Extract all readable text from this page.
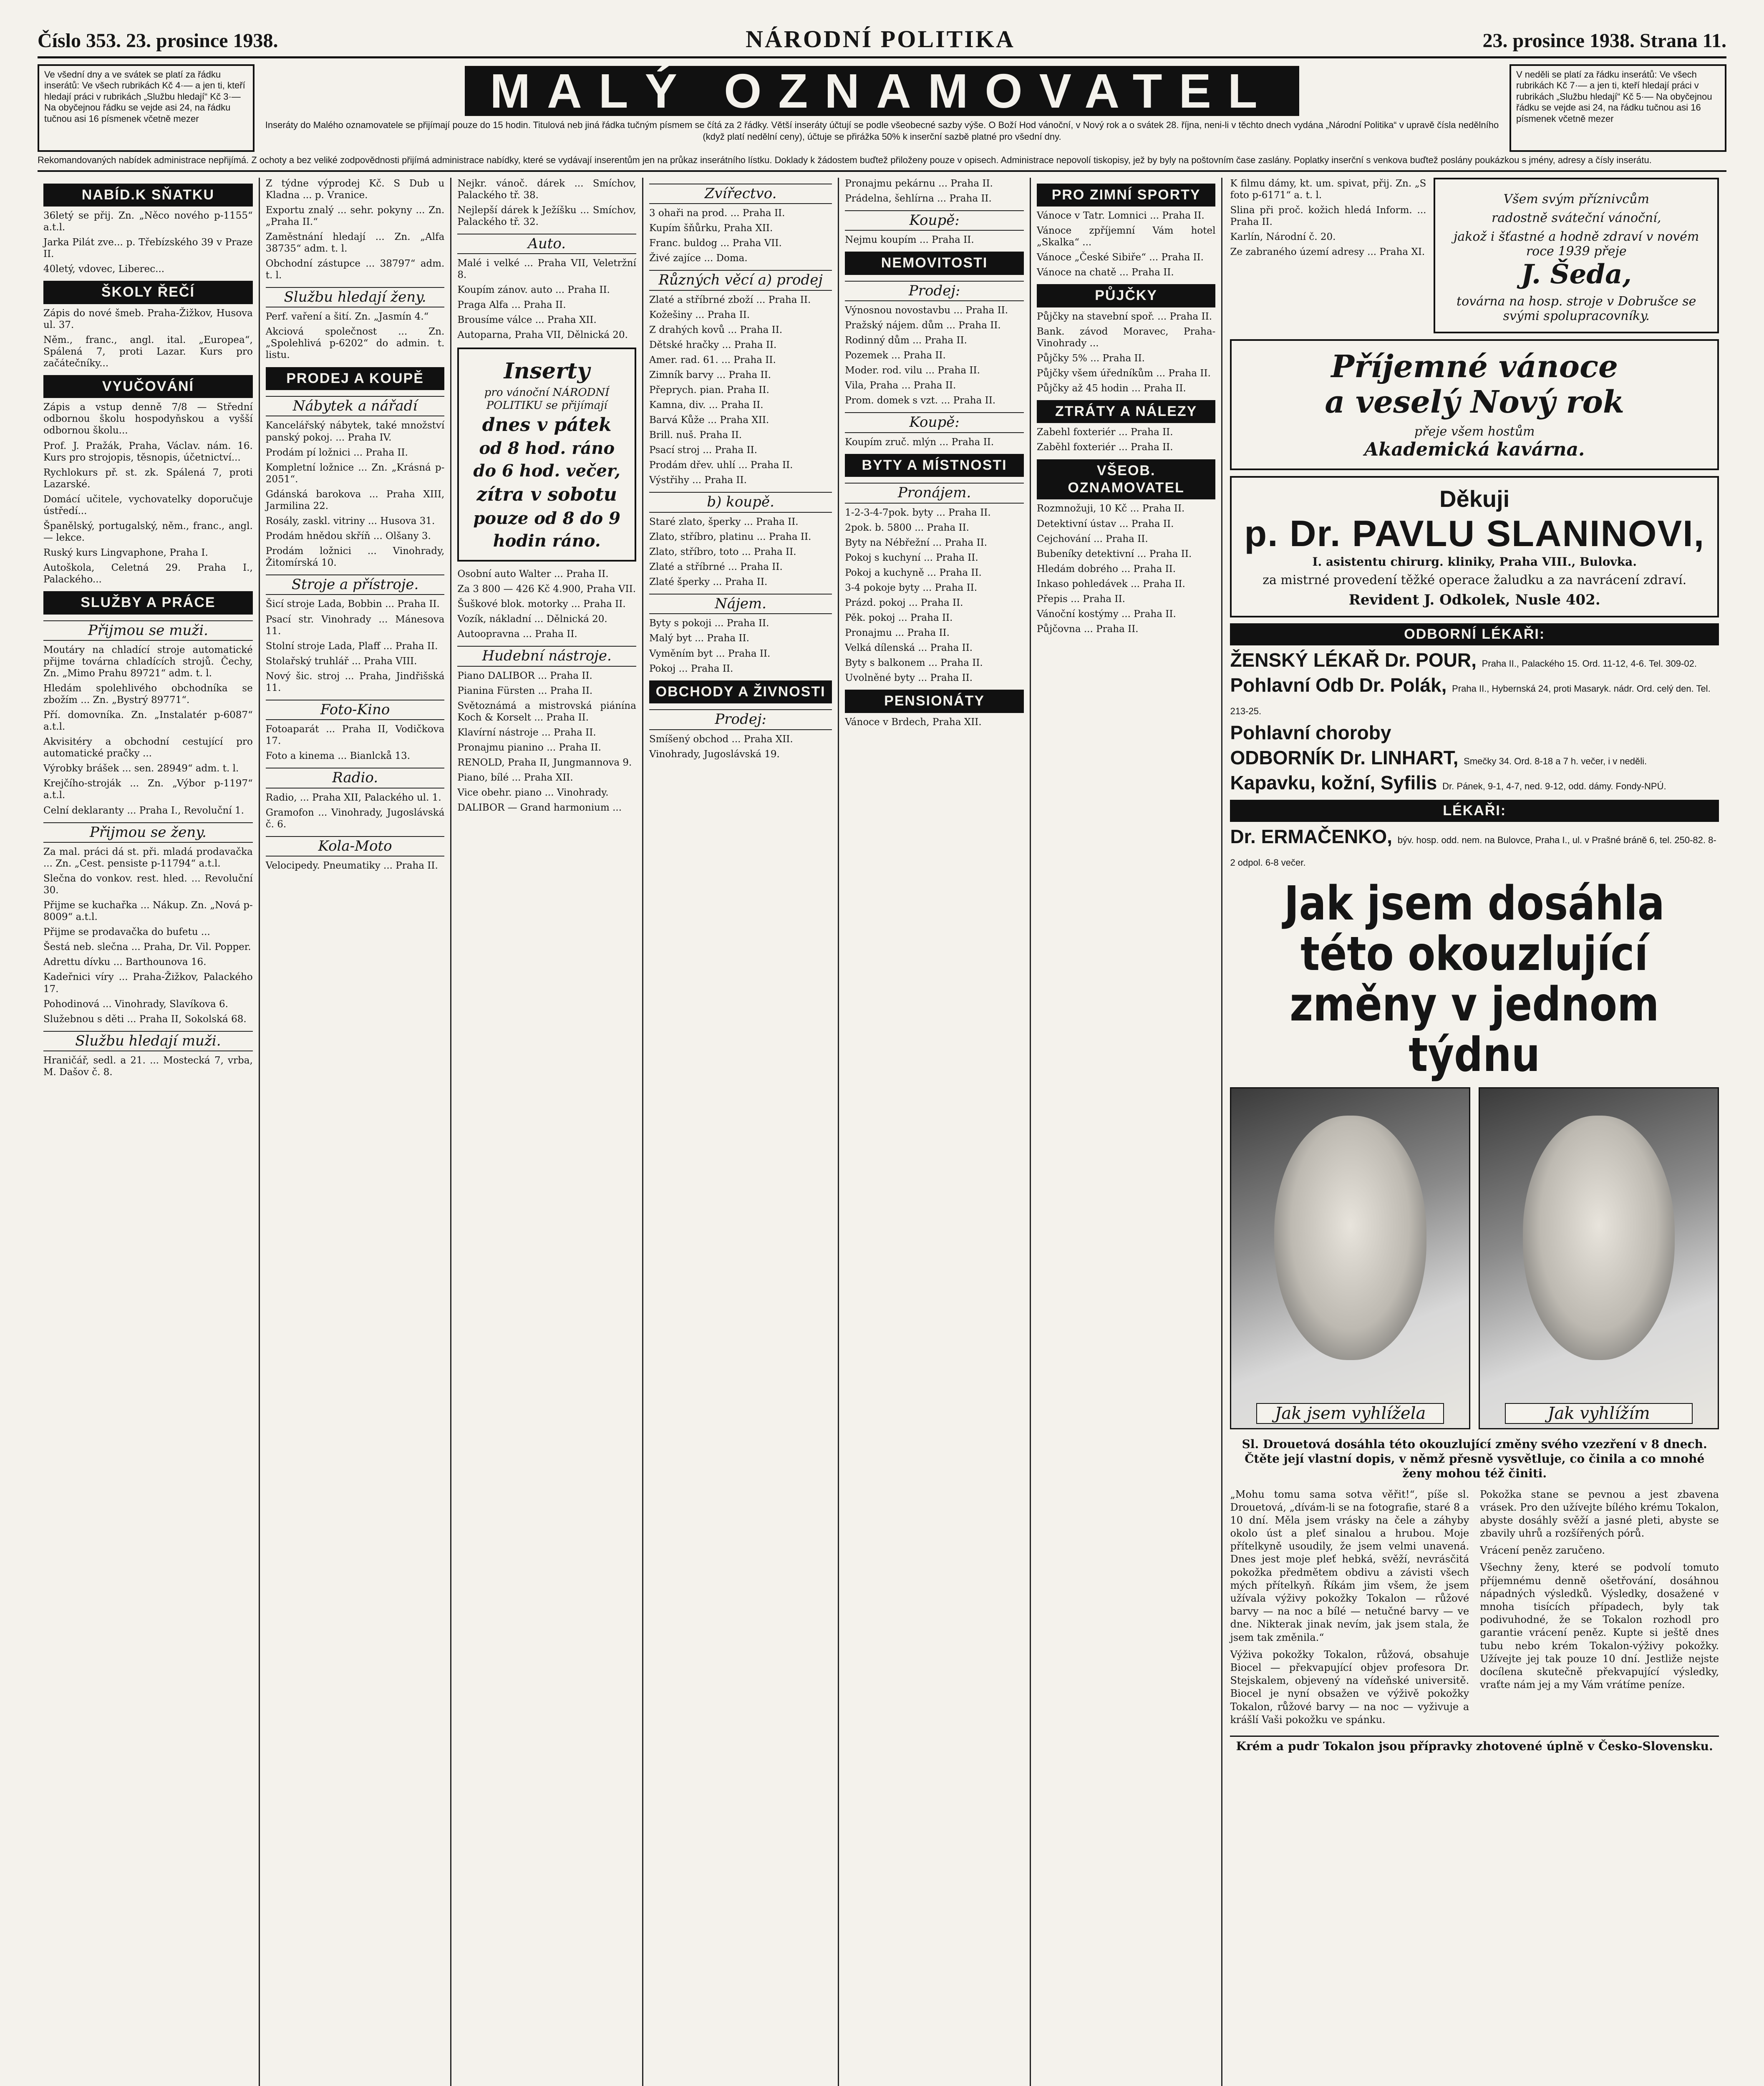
Číslo 353. 23. prosince 1938.	NÁRODNÍ POLITIKA	23. prosince 1938. Strana 11.
Ve všední dny a ve svátek se platí za řádku inserátů: Ve všech rubrikách Kč 4·— a jen ti, kteří hledají práci v rubrikách „Službu hledají“ Kč 3·— Na obyčejnou řádku se vejde asi 24, na řádku tučnou asi 16 písmenek včetně mezer
MALÝ OZNAMOVATEL
Inseráty do Malého oznamovatele se přijímají pouze do 15 hodin. Titulová neb jiná řádka tučným písmem se čítá za 2 řádky. Větší inseráty účtují se podle všeobecné sazby výše. O Boží Hod vánoční, v Nový rok a o svátek 28. října, neni-li v těchto dnech vydána „Národní Politika“ v upravě čísla nedělního (když platí nedělní ceny), účtuje se přirážka 50% k inserční sazbě platné pro všední dny.
V neděli se platí za řádku inserátů: Ve všech rubrikách Kč 7·— a jen ti, kteří hledají práci v rubrikách „Službu hledají“ Kč 5·— Na obyčejnou řádku se vejde asi 24, na řádku tučnou asi 16 písmenek včetně mezer
Rekomandovaných nabídek administrace nepřijímá. Z ochoty a bez veliké zodpovědnosti přijímá administrace nabídky, které se vydávají inserentům jen na průkaz inserátního lístku. Doklady k žádostem buďtež přiloženy pouze v opisech. Administrace nepovolí tiskopisy, jež by byly na poštovním čase zaslány. Poplatky inserční s venkova buďtež poslány poukázkou s jmény, adresy a čísly inserátu.
NABÍD.K SŇATKU
36letý se přij. Zn. „Něco nového p-1155“ a.t.l.
Jarka Pilát zve... p. Třebízského 39 v Praze II.
40letý, vdovec, Liberec...
ŠKOLY ŘEČÍ
Zápis do nové šmeb. Praha-Žižkov, Husova ul. 37.
Něm., franc., angl. ital. „Europea“, Spálená 7, proti Lazar. Kurs pro začátečníky...
VYUČOVÁNÍ
Zápis a vstup denně 7/8 — Střední odbornou školu hospodyňskou a vyšší odbornou školu...
Prof. J. Pražák, Praha, Václav. nám. 16. Kurs pro strojopis, těsnopis, účetnictví...
Rychlokurs př. st. zk. Spálená 7, proti Lazarské.
Domácí učitele, vychovatelky doporučuje ústředí...
Španělský, portugalský, něm., franc., angl. — lekce.
Ruský kurs Lingvaphone, Praha I.
Autoškola, Celetná 29. Praha I., Palackého...
SLUŽBY A PRÁCE
Přijmou se muži.
Moutáry na chladící stroje automatické přijme továrna chladících strojů. Čechy, Zn. „Mimo Prahu 89721“ adm. t. l.
Hledám spolehlivého obchodníka se zbožím ... Zn. „Bystrý 89771“.
Pří. domovníka. Zn. „Instalatér p-6087“ a.t.l.
Akvisitéry a obchodní cestující pro automatické pračky ...
Výrobky brášek ... sen. 28949“ adm. t. l.
Krejčího-stroják ... Zn. „Výbor p-1197“ a.t.l.
Celní deklaranty ... Praha I., Revoluční 1.
Přijmou se ženy.
Za mal. práci dá st. při. mladá prodavačka ... Zn. „Cest. pensiste p-11794“ a.t.l.
Slečna do vonkov. rest. hled. ... Revoluční 30.
Přijme se kuchařka ... Nákup. Zn. „Nová p-8009“ a.t.l.
Přijme se prodavačka do bufetu ...
Šestá neb. slečna ... Praha, Dr. Vil. Popper.
Adrettu dívku ... Barthounova 16.
Kadeřnici víry ... Praha-Žižkov, Palackého 17.
Pohodinová ... Vinohrady, Slavíkova 6.
Služebnou s děti ... Praha II, Sokolská 68.
Službu hledají muži.
Hraničář, sedl. a 21. ... Mostecká 7, vrba, M. Dašov č. 8.
Z týdne výprodej Kč. S Dub u Kladna ... p. Vranice.
Exportu znalý ... sehr. pokyny ... Zn. „Praha II.“
Zaměstnání hledají ... Zn. „Alfa 38735“ adm. t. l.
Obchodní zástupce ... 38797“ adm. t. l.
Službu hledají ženy.
Perf. vaření a šití. Zn. „Jasmín 4.“
Akciová společnost ... Zn. „Spolehlivá p-6202“ do admin. t. listu.
PRODEJ A KOUPĚ
Nábytek a nářadí
Kancelářský nábytek, také množství panský pokoj. ... Praha IV.
Prodám pí ložnici ... Praha II.
Kompletní ložnice ... Zn. „Krásná p-2051“.
Gdánská barokova ... Praha XIII, Jarmilina 22.
Rosály, zaskl. vitriny ... Husova 31.
Prodám hnědou skříň ... Olšany 3.
Prodám ložnici ... Vinohrady, Žitomírská 10.
Stroje a přístroje.
Šicí stroje Lada, Bobbin ... Praha II.
Psací str. Vinohrady ... Mánesova 11.
Stolní stroje Lada, Plaff ... Praha II.
Stolařský truhlář ... Praha VIII.
Nový šic. stroj ... Praha, Jindřišská 11.
Foto-Kino
Fotoaparát ... Praha II, Vodičkova 17.
Foto a kinema ... Bianlckå 13.
Radio.
Radio, ... Praha XII, Palackého ul. 1.
Gramofon ... Vinohrady, Jugoslávská č. 6.
Kola-Moto
Velocipedy. Pneumatiky ... Praha II.
Nejkr. vánoč. dárek ... Smíchov, Palackého tř. 38.
Nejlepší dárek k Ježíšku ... Smíchov, Palackého tř. 32.
Auto.
Malé i velké ... Praha VII, Veletržní 8.
Koupím zánov. auto ... Praha II.
Praga Alfa ... Praha II.
Brousíme válce ... Praha XII.
Autoparna, Praha VII, Dělnická 20.
Inserty
pro vánoční NÁRODNÍ POLITIKU se přijímají
dnes v pátek
od 8 hod. ráno do 6 hod. večer,
zítra v sobotu
pouze od 8 do 9 hodin ráno.
Osobní auto Walter ... Praha II.
Za 3 800 — 426 Kč 4.900, Praha VII.
Šuškové blok. motorky ... Praha II.
Vozík, nákladní ... Dělnická 20.
Autoopravna ... Praha II.
Hudební nástroje.
Piano DALIBOR ... Praha II.
Pianina Fürsten ... Praha II.
Světoznámá a mistrovská piánína Koch & Korselt ... Praha II.
Klavírní nástroje ... Praha II.
Pronajmu pianino ... Praha II.
RENOLD, Praha II, Jungmannova 9.
Piano, bílé ... Praha XII.
Vice obehr. piano ... Vinohrady.
DALIBOR — Grand harmonium ...
Zvířectvo.
3 ohaři na prod. ... Praha II.
Kupím šňůrku, Praha XII.
Franc. buldog ... Praha VII.
Živé zajíce ... Doma.
Různých věcí a) prodej
Zlaté a stříbrné zboží ... Praha II.
Kožešiny ... Praha II.
Z drahých kovů ... Praha II.
Dětské hračky ... Praha II.
Amer. rad. 61. ... Praha II.
Zimník barvy ... Praha II.
Přeprych. pian. Praha II.
Kamna, div. ... Praha II.
Barvá Kůže ... Praha XII.
Brill. nuš. Praha II.
Psací stroj ... Praha II.
Prodám dřev. uhlí ... Praha II.
Výstřihy ... Praha II.
b) koupě.
Staré zlato, šperky ... Praha II.
Zlato, stříbro, platinu ... Praha II.
Zlato, stříbro, toto ... Praha II.
Zlaté a stříbrné ... Praha II.
Zlaté šperky ... Praha II.
Nájem.
Byty s pokoji ... Praha II.
Malý byt ... Praha II.
Vyměním byt ... Praha II.
Pokoj ... Praha II.
OBCHODY A ŽIVNOSTI
Prodej:
Smíšený obchod ... Praha XII.
Vinohrady, Jugoslávská 19.
Pronajmu pekárnu ... Praha II.
Prádelna, šehlírna ... Praha II.
Koupě:
Nejmu koupím ... Praha II.
NEMOVITOSTI
Prodej:
Výnosnou novostavbu ... Praha II.
Pražský nájem. dům ... Praha II.
Rodinný dům ... Praha II.
Pozemek ... Praha II.
Moder. rod. vilu ... Praha II.
Vila, Praha ... Praha II.
Prom. domek s vzt. ... Praha II.
Koupě:
Koupím zruč. mlýn ... Praha II.
BYTY A MÍSTNOSTI
Pronájem.
1-2-3-4-7pok. byty ... Praha II.
2pok. b. 5800 ... Praha II.
Byty na Nébřežní ... Praha II.
Pokoj s kuchyní ... Praha II.
Pokoj a kuchyně ... Praha II.
3-4 pokoje byty ... Praha II.
Prázd. pokoj ... Praha II.
Pěk. pokoj ... Praha II.
Pronajmu ... Praha II.
Velká dílenská ... Praha II.
Byty s balkonem ... Praha II.
Uvolněné byty ... Praha II.
PENSIONÁTY
Vánoce v Brdech, Praha XII.
PRO ZIMNÍ SPORTY
Vánoce v Tatr. Lomnici ... Praha II.
Vánoce zpříjemní Vám hotel „Skalka“ ...
Vánoce „České Sibiře“ ... Praha II.
Vánoce na chatě ... Praha II.
PŮJČKY
Půjčky na stavební spoř. ... Praha II.
Bank. závod Moravec, Praha-Vinohrady ...
Půjčky 5% ... Praha II.
Půjčky všem úředníkům ... Praha II.
Půjčky až 45 hodin ... Praha II.
ZTRÁTY A NÁLEZY
Zabehl foxteriér ... Praha II.
Zaběhl foxteriér ... Praha II.
VŠEOB. OZNAMOVATEL
Rozmnožuji, 10 Kč ... Praha II.
Detektivní ústav ... Praha II.
Cejchování ... Praha II.
Bubeníky detektivní ... Praha II.
Hledám dobrého ... Praha II.
Inkaso pohledávek ... Praha II.
Přepis ... Praha II.
Vánoční kostýmy ... Praha II.
Půjčovna ... Praha II.
K filmu dámy, kt. um. spivat, přij. Zn. „S foto p-6171“ a. t. l.
Slina při proč. kožich hledá Inform. ... Praha II.
Karlín, Národní č. 20.
Ze zabraného území adresy ... Praha XI.
Všem svým příznivcům
radostně sváteční vánoční,
jakož i šťastné a hodně zdraví v novém roce 1939 přeje
J. Šeda,
továrna na hosp. stroje v Dobrušce se svými spolupracovníky.
Příjemné vánoce
a veselý Nový rok
přeje všem hostům
Akademická kavárna.
Děkuji
p. Dr. PAVLU SLANINOVI,
I. asistentu chirurg. kliniky, Praha VIII., Bulovka.
za mistrné provedení těžké operace žaludku a za navrácení zdraví.
Revident J. Odkolek, Nusle 402.
ODBORNÍ LÉKAŘI:
ŽENSKÝ LÉKAŘ Dr. POUR, Praha II., Palackého 15. Ord. 11-12, 4-6. Tel. 309-02.
Pohlavní Odb Dr. Polák, Praha II., Hybernská 24, proti Masaryk. nádr. Ord. celý den. Tel. 213-25.
Pohlavní choroby
ODBORNÍK Dr. LINHART, Smečky 34. Ord. 8-18 a 7 h. večer, i v neděli.
Kapavku, kožní, Syfilis Dr. Pánek, 9-1, 4-7, ned. 9-12, odd. dámy. Fondy-NPÚ.
LÉKAŘI:
Dr. ERMAČENKO, býv. hosp. odd. nem. na Bulovce, Praha I., ul. v Prašné bráně 6, tel. 250-82. 8-2 odpol. 6-8 večer.
Jak jsem dosáhla této okouzlující změny v jednom týdnu
Jak jsem vyhlížela	Jak vyhlížím
Sl. Drouetová dosáhla této okouzlující změny svého vzezření v 8 dnech. Čtěte její vlastní dopis, v němž přesně vysvětluje, co činila a co mnohé ženy mohou též činiti.

„Mohu tomu sama sotva věřit!“, píše sl. Drouetová, „dívám-li se na fotografie, staré 8 a 10 dní. Měla jsem vrásky na čele a záhyby okolo úst a pleť sinalou a hrubou. Moje přítelkyně usoudily, že jsem velmi unavená. Dnes jest moje pleť hebká, svěží, nevrásčitá pokožka předmětem obdivu a závisti všech mých přítelkyň. Říkám jim všem, že jsem užívala výživy pokožky Tokalon — růžové barvy — na noc a bílé — netučné barvy — ve dne. Nikterak jinak nevím, jak jsem stala, že jsem tak změnila.“

Výživa pokožky Tokalon, růžová, obsahuje Biocel — překvapující objev profesora Dr. Stejskalem, objevený na vídeňské universitě. Biocel je nyní obsažen ve výživě pokožky Tokalon, růžové barvy — na noc — vyživuje a krášlí Vaši pokožku ve spánku.

Pokožka stane se pevnou a jest zbavena vrásek. Pro den užívejte bílého krému Tokalon, abyste dosáhly svěží a jasné pleti, abyste se zbavily uhrů a rozšířených pórů.

Vrácení peněz zaručeno.

Všechny ženy, které se podvolí tomuto příjemnému denně ošetřování, dosáhnou nápadných výsledků. Výsledky, dosažené v mnoha tisících případech, byly tak podivuhodné, že se Tokalon rozhodl pro garantie vrácení peněz. Kupte si ještě dnes tubu nebo krém Tokalon-výživy pokožky. Užívejte jej tak pouze 10 dní. Jestliže nejste docílena skutečně překvapující výsledky, vraťte nám jej a my Vám vrátíme peníze.

Krém a pudr Tokalon jsou přípravky zhotovené úplně v Česko-Slovensku.
